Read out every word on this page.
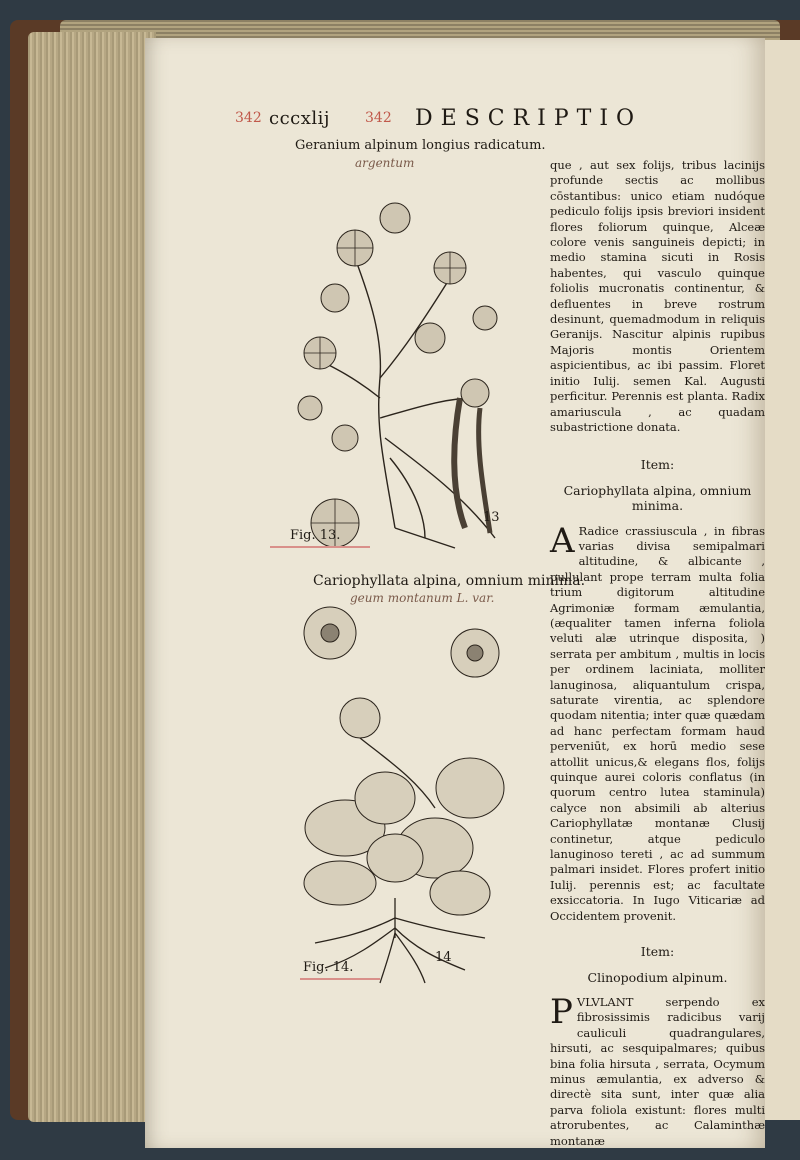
342 cccxlij	342 DESCRIPTIO
Geranium alpinum longius radicatum.
argentum
Fig. 13.
13
Cariophyllata alpina, omnium minima.
geum montanum L. var.
Fig. 14.
14

que , aut sex folijs, tribus lacinijs profunde sectis ac mollibus cōstantibus: unico etiam nudóque pediculo folijs ipsis breviori insident flores foliorum quinque, Alceæ colore venis sanguineis depicti; in medio stamina sicuti in Rosis habentes, qui vasculo quinque foliolis mucronatis continentur, & defluentes in breve rostrum desinunt, quemadmodum in reliquis Geranijs. Nascitur alpinis rupibus Majoris montis Orientem aspicientibus, ac ibi passim. Floret initio Iulij. semen Kal. Augusti perficitur. Perennis est planta. Radix amariuscula , ac quadam subastrictione donata.

Item:

Cariophyllata alpina, omnium minima.

A Radice crassiuscula , in fibras varias divisa semipalmari altitudine, & albicante , pullulant prope terram multa folia trium digitorum altitudine Agrimoniæ formam æmulantia, (æqualiter tamen inferna foliola veluti alæ utrinque disposita, ) serrata per ambitum , multis in locis per ordinem laciniata, molliter lanuginosa, aliquantulum crispa, saturate virentia, ac splendore quodam nitentia; inter quæ quædam ad hanc perfectam formam haud perveniūt, ex horū medio sese attollit unicus,& elegans flos, folijs quinque aurei coloris conflatus (in quorum centro lutea staminula) calyce non absimili ab alterius Cariophyllatæ montanæ Clusij continetur, atque pediculo lanuginoso tereti , ac ad summum palmari insidet. Flores profert initio Iulij. perennis est; ac facultate exsiccatoria. In Iugo Viticariæ ad Occidentem provenit.

Item:

Clinopodium alpinum.

P VLVLANT serpendo ex fibrosissimis radicibus varij cauliculi quadrangulares, hirsuti, ac sesquipalmares; quibus bina folia hirsuta , serrata, Ocymum minus æmulantia, ex adverso & directè sita sunt, inter quæ alia parva foliola existunt: flores multi atrorubentes, ac Calaminthæ montanæ
